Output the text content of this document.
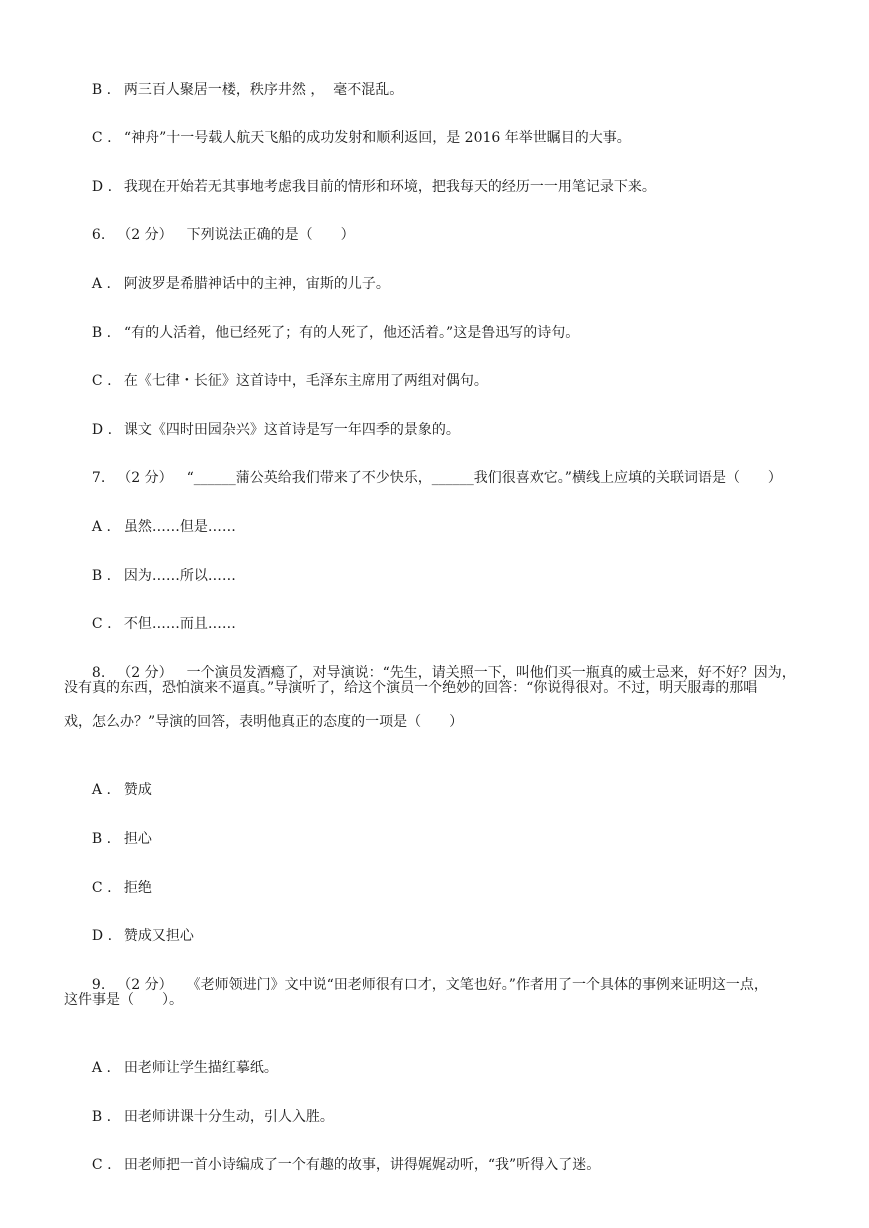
B . 两三百人聚居一楼，秩序井然 ，  毫不混乱。

C . “神舟”十一号载人航天飞船的成功发射和顺利返回，是 2016 年举世瞩目的大事。

D . 我现在开始若无其事地考虑我目前的情形和环境，把我每天的经历一一用笔记录下来。

6. （2 分） 下列说法正确的是（　　）

A . 阿波罗是希腊神话中的主神，宙斯的儿子。

B . “有的人活着，他已经死了；有的人死了，他还活着。”这是鲁迅写的诗句。

C . 在《七律・长征》这首诗中，毛泽东主席用了两组对偶句。

D . 课文《四时田园杂兴》这首诗是写一年四季的景象的。

7. （2 分） “______蒲公英给我们带来了不少快乐，______我们很喜欢它。”横线上应填的关联词语是（　　）

A . 虽然……但是……

B . 因为……所以……

C . 不但……而且……

8. （2 分） 一个演员发酒瘾了，对导演说：“先生，请关照一下，叫他们买一瓶真的威士忌来，好不好？因为，

没有真的东西，恐怕演来不逼真。”导演听了，给这个演员一个绝妙的回答：“你说得很对。不过，明天服毒的那唱
戏，怎么办？”导演的回答，表明他真正的态度的一项是（　　）

A . 赞成

B . 担心

C . 拒绝

D . 赞成又担心

9. （2 分） 《老师领进门》文中说“田老师很有口才，文笔也好。”作者用了一个具体的事例来证明这一点，

这件事是（　　）。

A . 田老师让学生描红摹纸。

B . 田老师讲课十分生动，引人入胜。

C . 田老师把一首小诗编成了一个有趣的故事，讲得娓娓动听，“我”听得入了迷。
